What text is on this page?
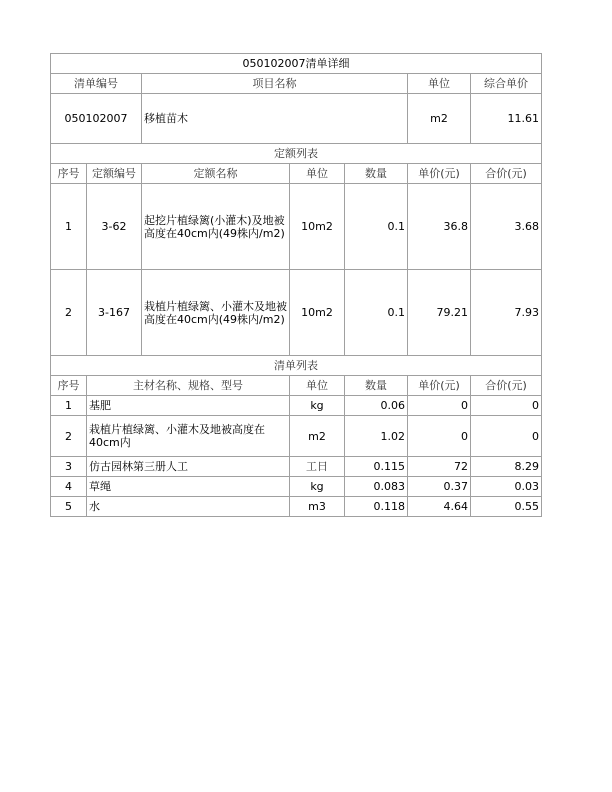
050102007清单详细						
清单编号		项目名称			单位	综合单价
050102007		移植苗木			m2	11.61
定额列表						
序号	定额编号	定额名称	单位	数量	单价(元)	合价(元)
1	3-62	起挖片植绿篱(小灌木)及地被高度在40cm内(49株内/m2)	10m2	0.1	36.8	3.68
2	3-167	栽植片植绿篱、小灌木及地被高度在40cm内(49株内/m2)	10m2	0.1	79.21	7.93
清单列表						
序号	主材名称、规格、型号		单位	数量	单价(元)	合价(元)
1	基肥		kg	0.06	0	0
2	栽植片植绿篱、小灌木及地被高度在40cm内		m2	1.02	0	0
3	仿古园林第三册人工		工日	0.115	72	8.29
4	草绳		kg	0.083	0.37	0.03
5	水		m3	0.118	4.64	0.55
